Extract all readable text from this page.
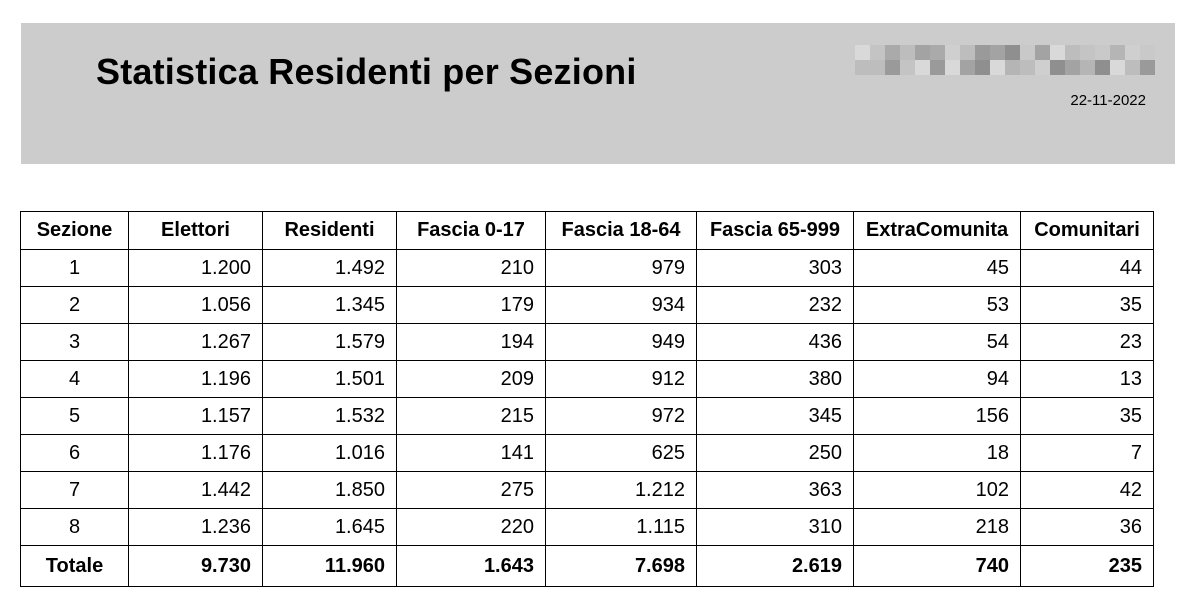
Statistica Residenti per Sezioni
22-11-2022
Sezione	Elettori	Residenti	Fascia 0-17	Fascia 18-64	Fascia 65-999	ExtraComunita	Comunitari
1	1.200	1.492	210	979	303	45	44
2	1.056	1.345	179	934	232	53	35
3	1.267	1.579	194	949	436	54	23
4	1.196	1.501	209	912	380	94	13
5	1.157	1.532	215	972	345	156	35
6	1.176	1.016	141	625	250	18	7
7	1.442	1.850	275	1.212	363	102	42
8	1.236	1.645	220	1.115	310	218	36
Totale	9.730	11.960	1.643	7.698	2.619	740	235
